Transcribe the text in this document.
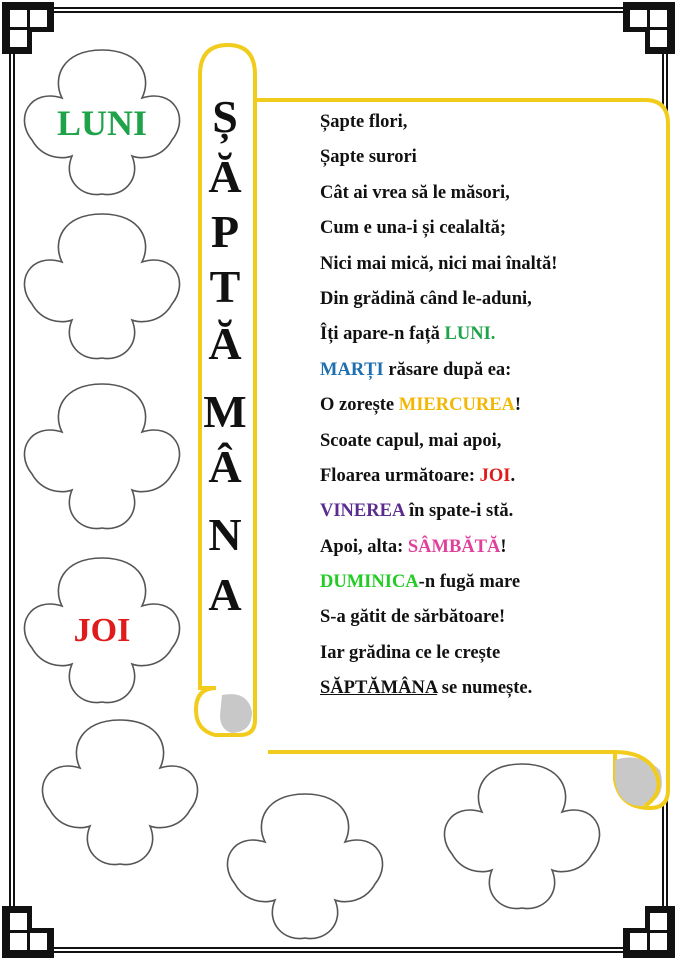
LUNI
JOI
Ș
Ă
P
T
Ă
M
Â
N
A
Șapte flori,
Șapte surori
Cât ai vrea să le măsori,
Cum e una-i și cealaltă;
Nici mai mică, nici mai înaltă!
Din grădină când le-aduni,
Îți apare-n față LUNI.
MARȚI răsare după ea:
O zorește MIERCUREA!
Scoate capul, mai apoi,
Floarea următoare: JOI.
VINEREA în spate-i stă.
Apoi, alta: SÂMBĂTĂ!
DUMINICA-n fugă mare
S-a gătit de sărbătoare!
Iar grădina ce le crește
SĂPTĂMÂNA se numește.
